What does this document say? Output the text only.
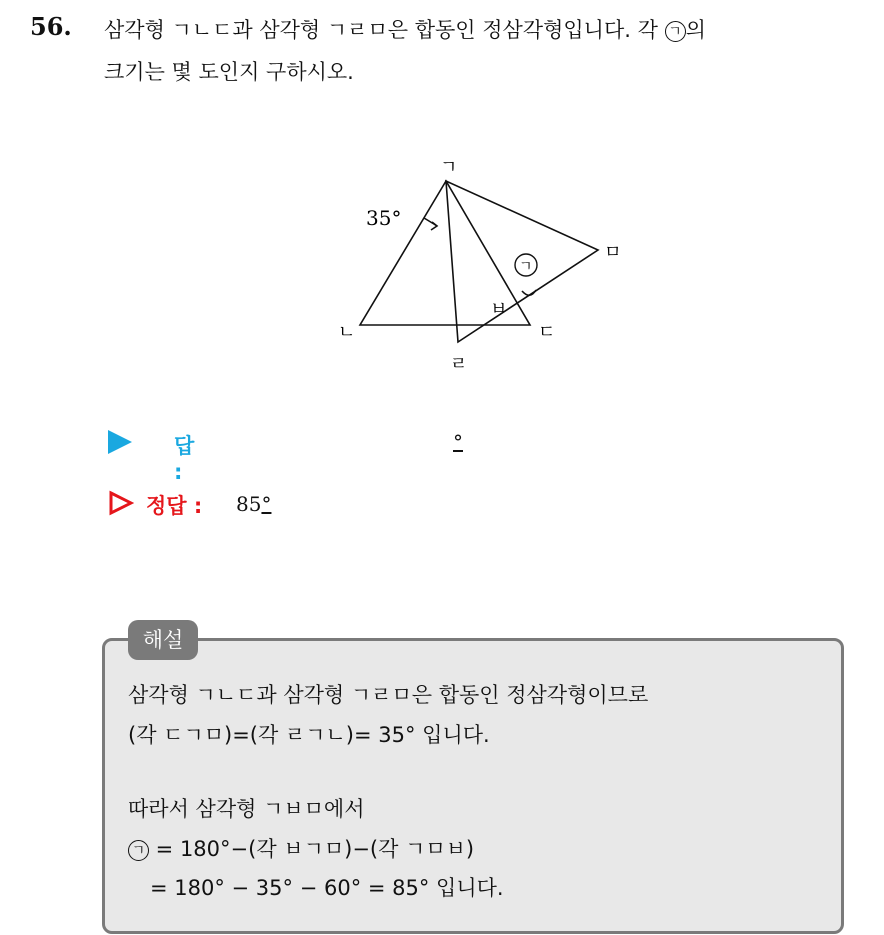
56. 삼각형 ㄱㄴㄷ과 삼각형 ㄱㄹㅁ은 합동인 정삼각형입니다. 각 ㄱ 의
크기는 몇 도인지 구하시오.
ㄱ
ㄴ	ㄷ
ㄹ
ㅁ
ㅂ
35°
ㄱ
답 :
°
정답 : 85°
해설
삼각형 ㄱㄴㄷ과 삼각형 ㄱㄹㅁ은 합동인 정삼각형이므로
(각 ㄷㄱㅁ)=(각 ㄹㄱㄴ)= 35° 입니다.
따라서 삼각형 ㄱㅂㅁ에서
ㄱ = 180°−(각 ㅂㄱㅁ)−(각 ㄱㅁㅂ)
= 180° − 35° − 60° = 85° 입니다.
